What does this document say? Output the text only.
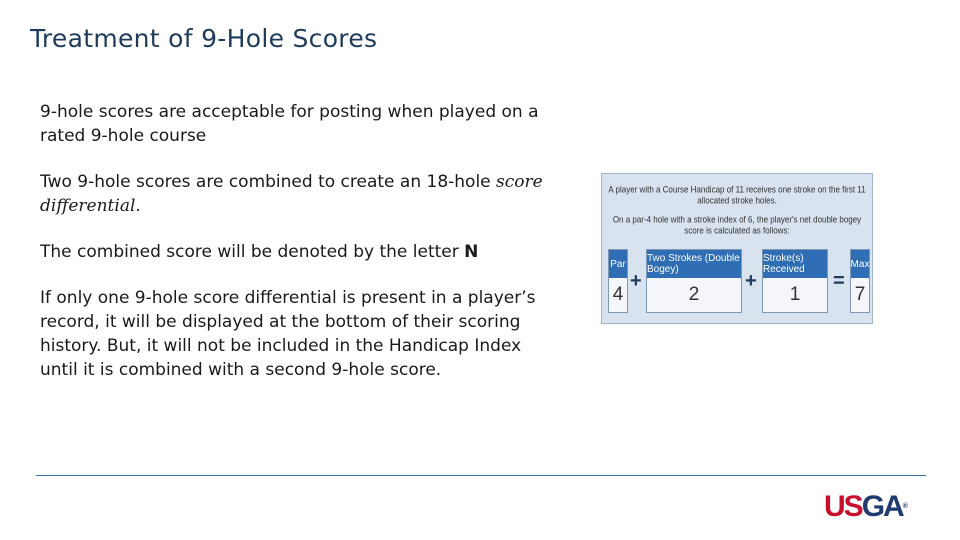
Treatment of 9-Hole Scores

9-hole scores are acceptable for posting when played on a rated 9-hole course

Two 9-hole scores are combined to create an 18-hole score differential.

The combined score will be denoted by the letter N

If only one 9-hole score differential is present in a player’s record, it will be displayed at the bottom of their scoring history. But, it will not be included in the Handicap Index until it is combined with a second 9-hole score.

A player with a Course Handicap of 11 receives one stroke on the first 11 allocated stroke holes.
On a par-4 hole with a stroke index of 6, the player's net double bogey score is calculated as follows:
Par
4
+
Two Strokes (Double Bogey)
2
+
Stroke(s) Received
1
=
Max
7
USGA®
